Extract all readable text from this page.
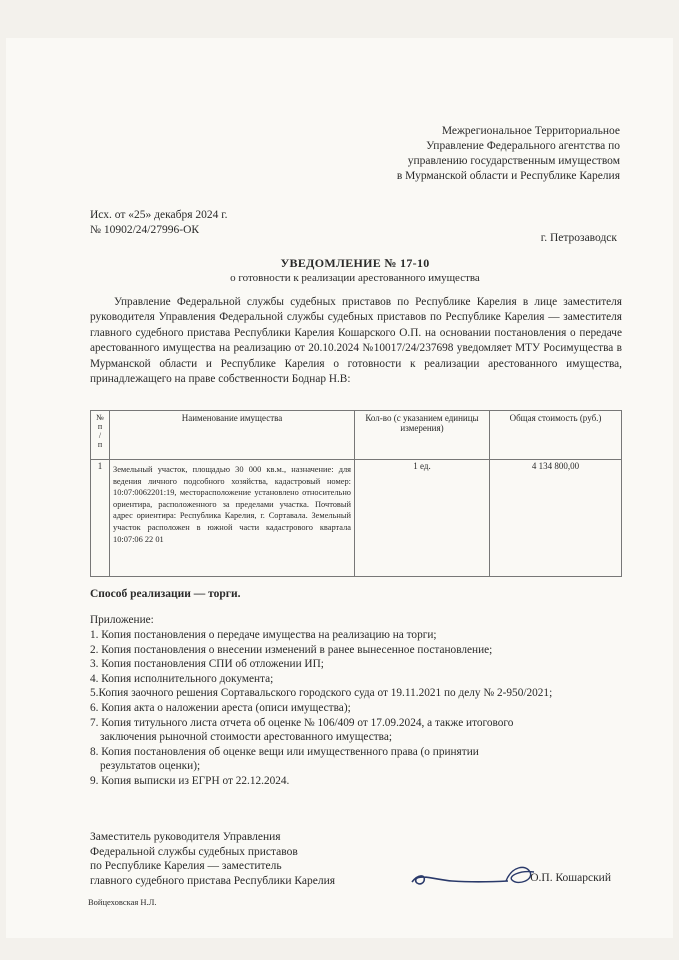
Межрегиональное Территориальное
Управление Федерального агентства по
управлению государственным имуществом
в Мурманской области и Республике Карелия
Исх. от «25» декабря 2024 г.
№ 10902/24/27996-ОК
г. Петрозаводск
УВЕДОМЛЕНИЕ № 17-10
о готовности к реализации арестованного имущества

Управление Федеральной службы судебных приставов по Республике Карелия в лице заместителя руководителя Управления Федеральной службы судебных приставов по Республике Карелия — заместителя главного судебного пристава Республики Карелия Кошарского О.П. на основании постановления о передаче арестованного имущества на реализацию от 20.10.2024 №10017/24/237698 уведомляет МТУ Росимущества в Мурманской области и Республике Карелия о готовности к реализации арестованного имущества, принадлежащего на праве собственности Боднар Н.В:

№
п
/
п	Наименование имущества	Кол-во (с указанием единицы измерения)	Общая стоимость (руб.)
1	Земельный участок, площадью 30 000 кв.м., назначение: для ведения личного подсобного хозяйства, кадастровый номер: 10:07:0062201:19, месторасположение установлено относительно ориентира, расположенного за пределами участка. Почтовый адрес ориентира: Республика Карелия, г. Сортавала. Земельный участок расположен в южной части кадастрового квартала 10:07:06 22 01	1 ед.	4 134 800,00
Способ реализации — торги.
Приложение:
1. Копия постановления о передаче имущества на реализацию на торги;
2. Копия постановления о внесении изменений в ранее вынесенное постановление;
3. Копия постановления СПИ об отложении ИП;
4. Копия исполнительного документа;
5.Копия заочного решения Сортавальского городского суда от 19.11.2021 по делу № 2-950/2021;
6. Копия акта о наложении ареста (описи имущества);
7. Копия титульного листа отчета об оценке № 106/409 от 17.09.2024, а также итогового
заключения рыночной стоимости арестованного имущества;
8. Копия постановления об оценке вещи или имущественного права (о принятии
результатов оценки);
9. Копия выписки из ЕГРН от 22.12.2024.
Заместитель руководителя Управления
Федеральной службы судебных приставов
по Республике Карелия — заместитель
главного судебного пристава Республики Карелия	О.П. Кошарский
Войцеховская Н.Л.
